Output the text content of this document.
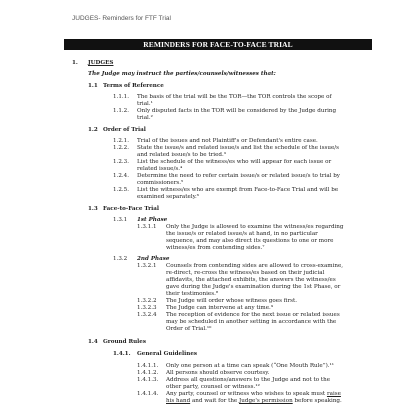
JUDGES- Reminders for FTF Trial
REMINDERS FOR FACE-TO-FACE TRIAL
1. JUDGES
The Judge may instruct the parties/counsels/witnesses that:
1.1 Terms of Reference
1.1.1. The basis of the trial will be the TOR—the TOR controls the scope of
trial.¹
1.1.2. Only disputed facts in the TOR will be considered by the Judge during
trial.²
1.2 Order of Trial
1.2.1. Trial of the issues and not Plaintiff's or Defendant's entire case.
1.2.2. State the issue/s and related issue/s and list the schedule of the issue/s
and related issue/s to be tried.³
1.2.3. List the schedule of the witness/es who will appear for each issue or
related issue/s.⁴
1.2.4. Determine the need to refer certain issue/s or related issue/s to trial by
commissioners.⁵
1.2.5. List the witness/es who are exempt from Face-to-Face Trial and will be
examined separately.⁶
1.3 Face-to-Face Trial
1.3.1 1st Phase
1.3.1.1 Only the Judge is allowed to examine the witness/es regarding
the issue/s or related issue/s at hand, in no particular
sequence, and may also direct its questions to one or more
witness/es from contending sides.⁷
1.3.2 2nd Phase
1.3.2.1 Counsels from contending sides are allowed to cross-examine,
re-direct, re-cross the witness/es based on their judicial
affidavits, the attached exhibits, the answers the witness/es
gave during the Judge's examination during the 1st Phase, or
their testimonies.⁸
1.3.2.2 The Judge will order whose witness goes first.
1.3.2.3 The Judge can intervene at any time.⁹
1.3.2.4 The reception of evidence for the next issue or related issues
may be scheduled in another setting in accordance with the
Order of Trial.¹⁰
1.4 Ground Rules
1.4.1. General Guidelines
1.4.1.1. Only one person at a time can speak (“One Mouth Rule”).¹¹
1.4.1.2. All persons should observe courtesy.
1.4.1.3. Address all questions/answers to the Judge and not to the
other party, counsel or witness.¹²
1.4.1.4. Any party, counsel or witness who wishes to speak must raise
his hand and wait for the Judge's permission before speaking.
